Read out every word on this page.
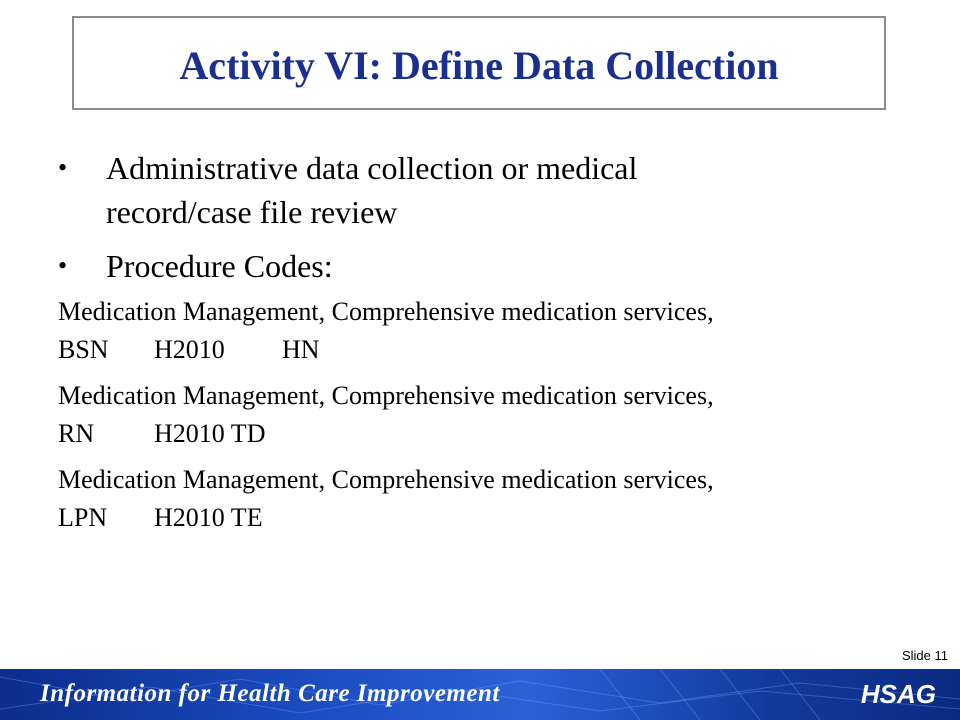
Activity VI: Define Data Collection
• Administrative data collection or medical record/case file review
• Procedure Codes:
Medication Management, Comprehensive medication services,
BSN H2010 HN
Medication Management, Comprehensive medication services,
RN H2010 TD
Medication Management, Comprehensive medication services,
LPN H2010 TE
Slide 11
Information for Health Care Improvement	HSAG
